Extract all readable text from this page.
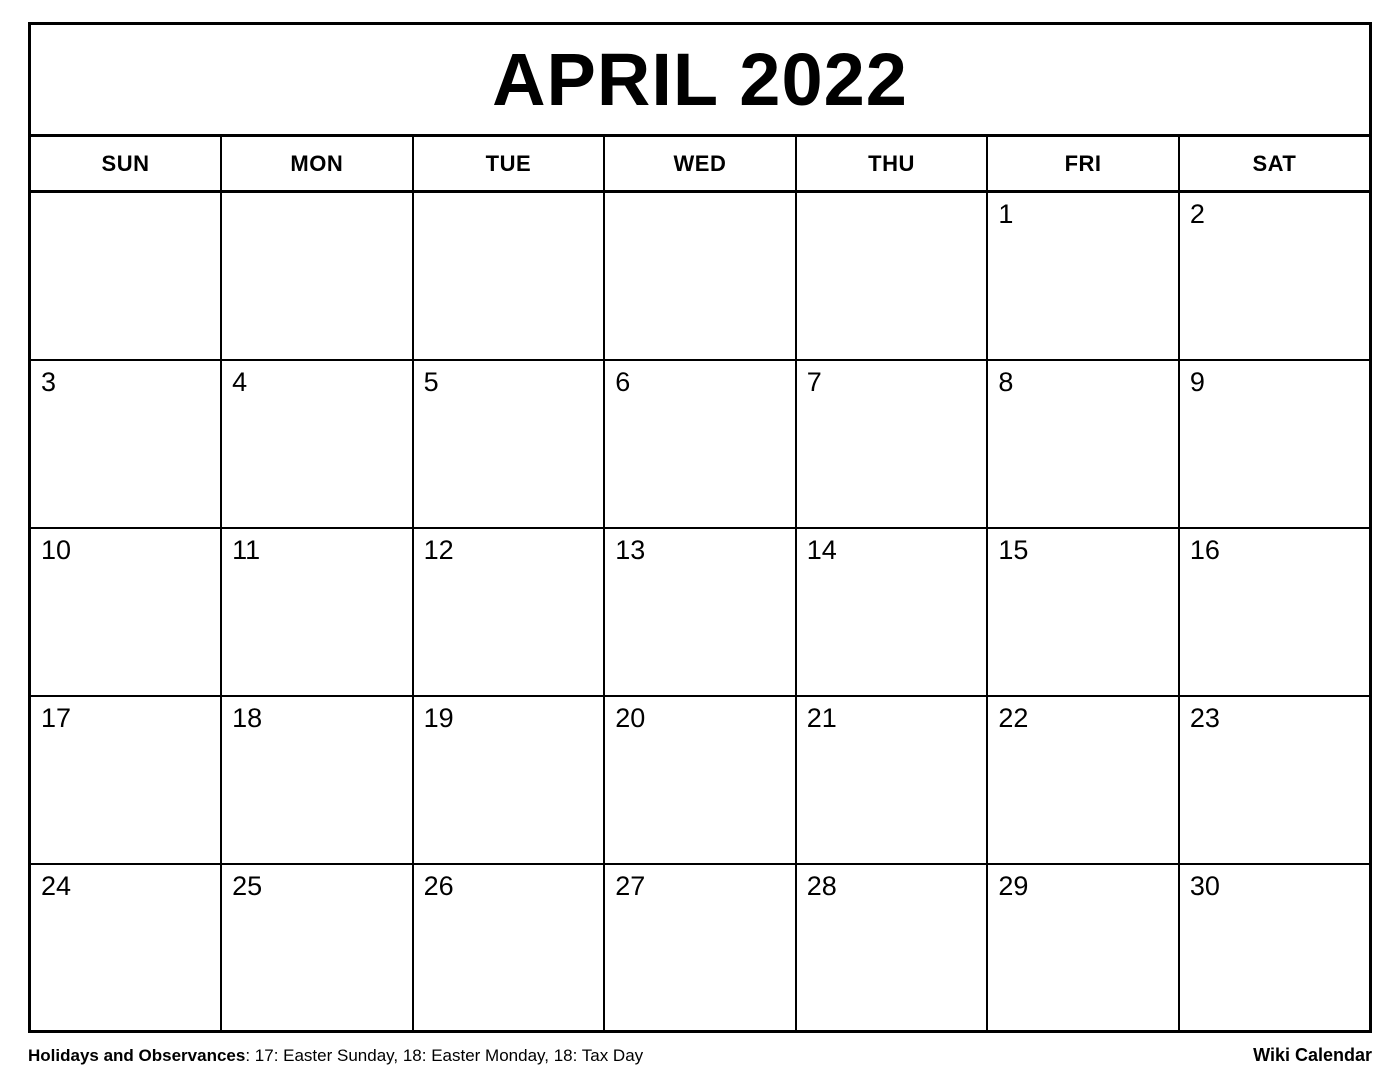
APRIL 2022						

SUN	MON	TUE	WED	THU	FRI	SAT

					1	2

3	4	5	6	7	8	9

10	11	12	13	14	15	16

17	18	19	20	21	22	23

24	25	26	27	28	29	30
Holidays and Observances: 17: Easter Sunday, 18: Easter Monday, 18: Tax Day	Wiki Calendar
